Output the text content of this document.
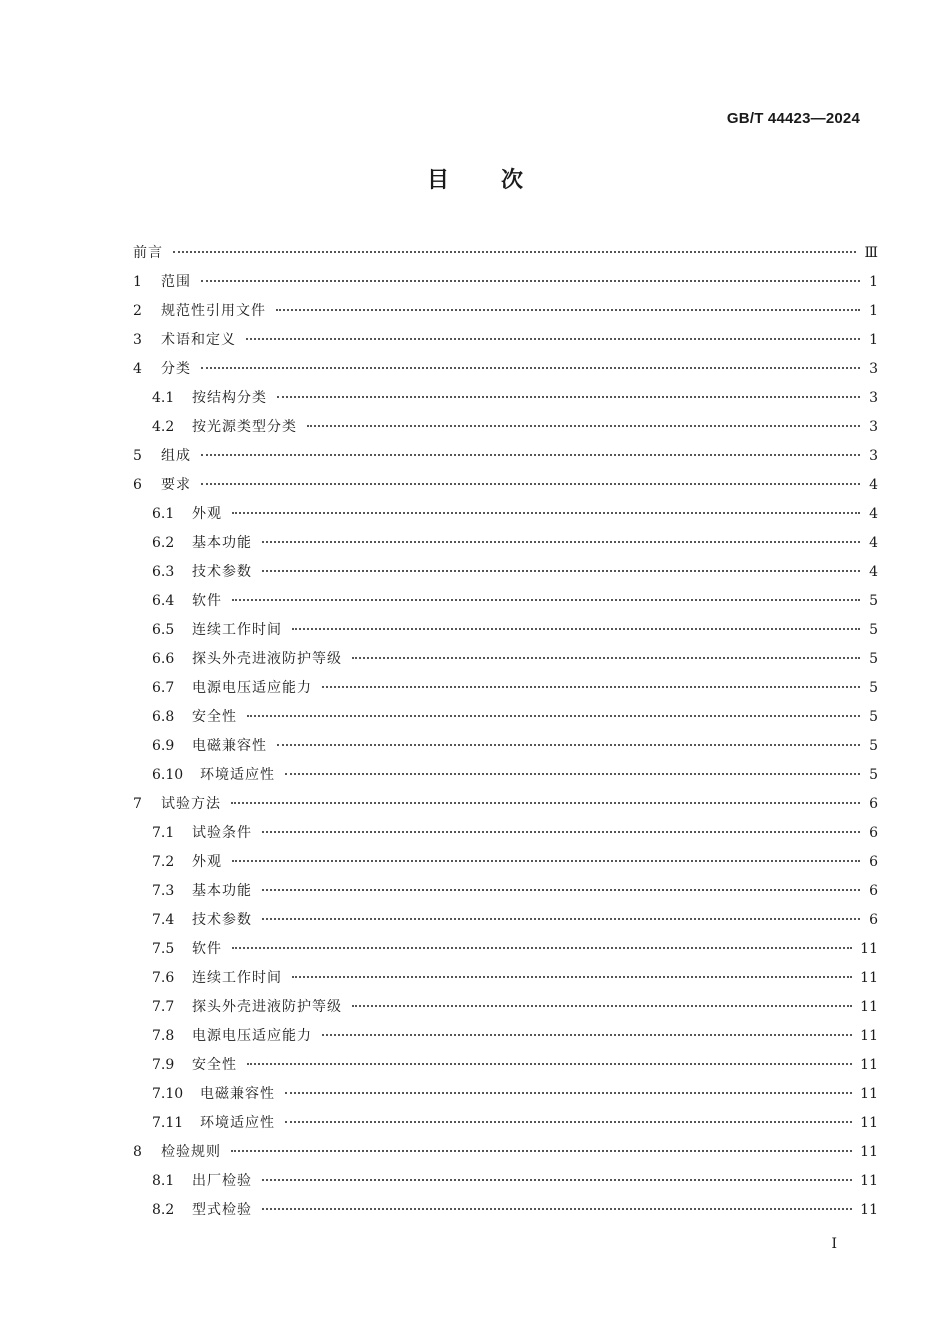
GB/T 44423—2024
目次
前言	Ⅲ
1	范围	1
2	规范性引用文件	1
3	术语和定义	1
4	分类	3
4.1	按结构分类	3
4.2	按光源类型分类	3
5	组成	3
6	要求	4
6.1	外观	4
6.2	基本功能	4
6.3	技术参数	4
6.4	软件	5
6.5	连续工作时间	5
6.6	探头外壳进液防护等级	5
6.7	电源电压适应能力	5
6.8	安全性	5
6.9	电磁兼容性	5
6.10	环境适应性	5
7	试验方法	6
7.1	试验条件	6
7.2	外观	6
7.3	基本功能	6
7.4	技术参数	6
7.5	软件	11
7.6	连续工作时间	11
7.7	探头外壳进液防护等级	11
7.8	电源电压适应能力	11
7.9	安全性	11
7.10	电磁兼容性	11
7.11	环境适应性	11
8	检验规则	11
8.1	出厂检验	11
8.2	型式检验	11
Ⅰ
